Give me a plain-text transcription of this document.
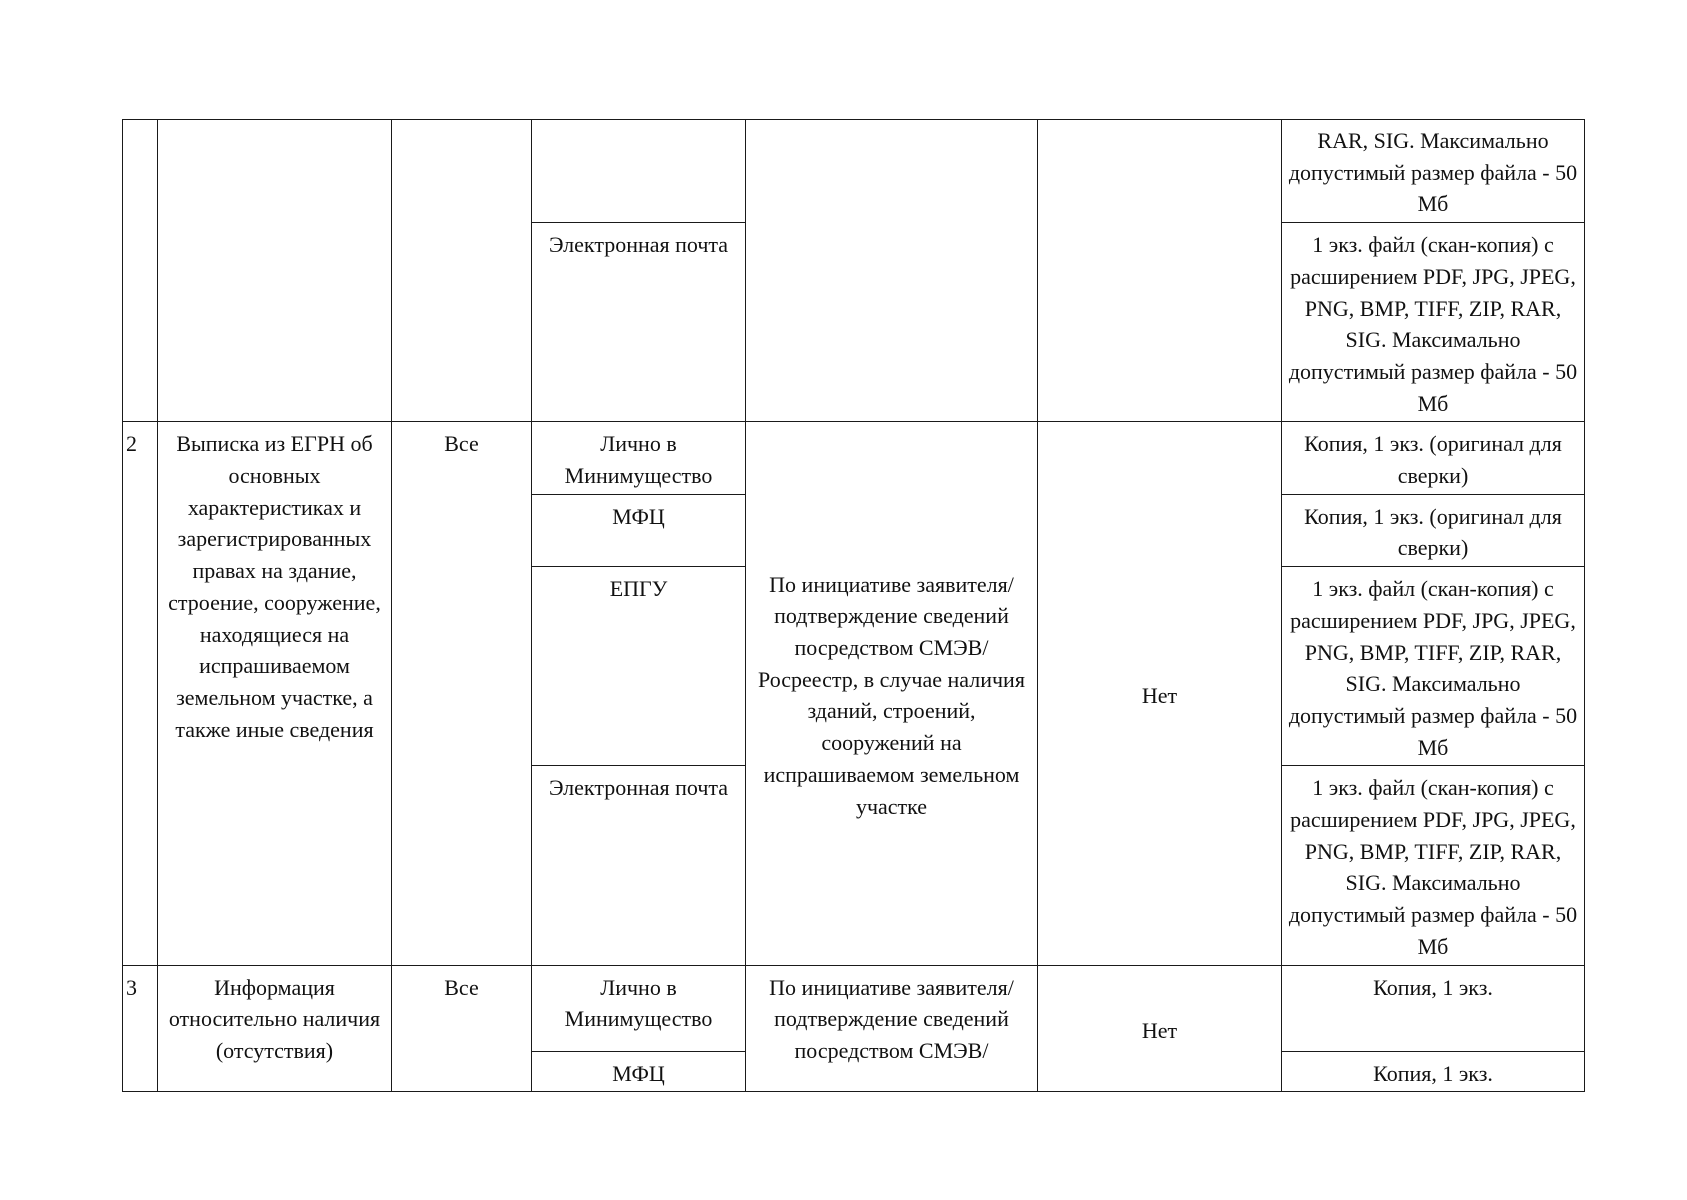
						RAR, SIG. Максимально допустимый размер файла - 50 Мб
			Электронная почта			1 экз. файл (скан-копия) с расширением PDF, JPG, JPEG, PNG, BMP, TIFF, ZIP, RAR, SIG. Максимально допустимый размер файла - 50 Мб
2	Выписка из ЕГРН об основных характеристиках и зарегистрированных правах на здание, строение, сооружение, находящиеся на испрашиваемом земельном участке, а также иные сведения	Все	Лично в Минимущество	По инициативе заявителя/ подтверждение сведений посредством СМЭВ/ Росреестр, в случае наличия зданий, строений, сооружений на испрашиваемом земельном участке	Нет	Копия, 1 экз. (оригинал для сверки)
			МФЦ			Копия, 1 экз. (оригинал для сверки)
			ЕПГУ			1 экз. файл (скан-копия) с расширением PDF, JPG, JPEG, PNG, BMP, TIFF, ZIP, RAR, SIG. Максимально допустимый размер файла - 50 Мб
			Электронная почта			1 экз. файл (скан-копия) с расширением PDF, JPG, JPEG, PNG, BMP, TIFF, ZIP, RAR, SIG. Максимально допустимый размер файла - 50 Мб
3	Информация относительно наличия (отсутствия)	Все	Лично в Минимущество	По инициативе заявителя/ подтверждение сведений посредством СМЭВ/	Нет	Копия, 1 экз.
			МФЦ			Копия, 1 экз.
